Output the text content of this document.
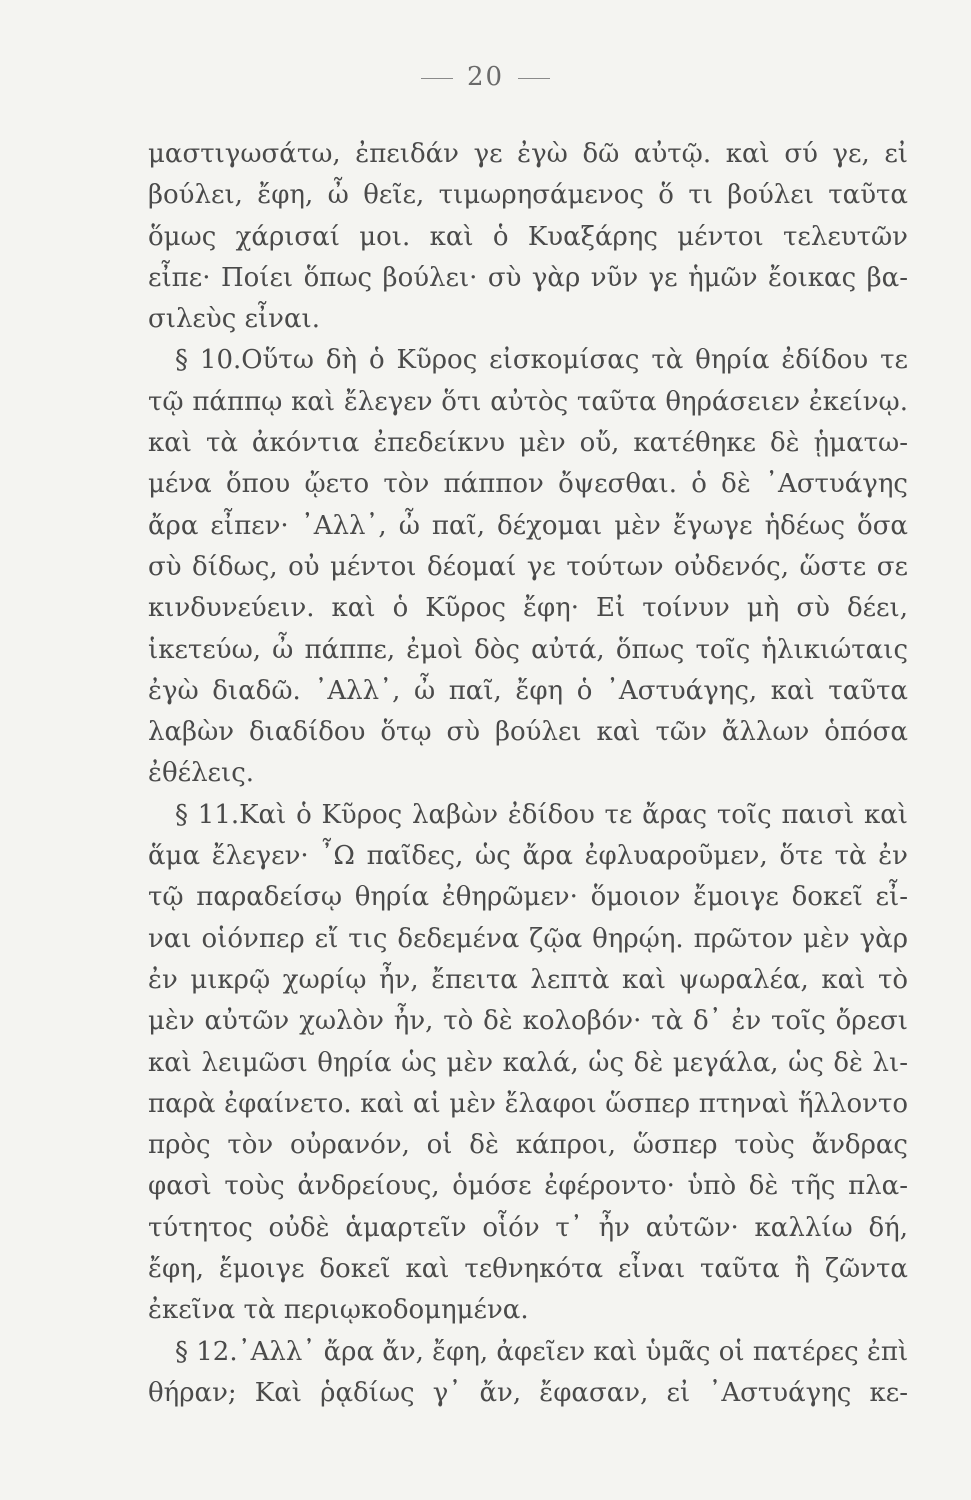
20
μαστιγωσάτω, ἐπειδάν γε ἐγὼ δῶ αὐτῷ. καὶ σύ γε, εἰ
βούλει, ἔφη, ὦ θεῖε, τιμωρησάμενος ὅ τι βούλει ταῦτα
ὅμως χάρισαί μοι. καὶ ὁ Κυαξάρης μέντοι τελευτῶν
εἶπε· Ποίει ὅπως βούλει· σὺ γὰρ νῦν γε ἡμῶν ἔοικας βα-
σιλεὺς εἶναι.
§ 10.Οὕτω δὴ ὁ Κῦρος εἰσκομίσας τὰ θηρία ἐδίδου τε
τῷ πάππῳ καὶ ἔλεγεν ὅτι αὐτὸς ταῦτα θηράσειεν ἐκείνῳ.
καὶ τὰ ἀκόντια ἐπεδείκνυ μὲν οὔ, κατέθηκε δὲ ᾑματω-
μένα ὅπου ᾤετο τὸν πάππον ὄψεσθαι. ὁ δὲ ᾿Αστυάγης
ἄρα εἶπεν· ᾿Αλλ᾿, ὦ παῖ, δέχομαι μὲν ἔγωγε ἡδέως ὅσα
σὺ δίδως, οὐ μέντοι δέομαί γε τούτων οὐδενός, ὥστε σε
κινδυνεύειν. καὶ ὁ Κῦρος ἔφη· Εἰ τοίνυν μὴ σὺ δέει,
ἱκετεύω, ὦ πάππε, ἐμοὶ δὸς αὐτά, ὅπως τοῖς ἡλικιώταις
ἐγὼ διαδῶ. ᾿Αλλ᾿, ὦ παῖ, ἔφη ὁ ᾿Αστυάγης, καὶ ταῦτα
λαβὼν διαδίδου ὅτῳ σὺ βούλει καὶ τῶν ἄλλων ὁπόσα
ἐθέλεις.
§ 11.Καὶ ὁ Κῦρος λαβὼν ἐδίδου τε ἄρας τοῖς παισὶ καὶ
ἅμα ἔλεγεν· ῏Ω παῖδες, ὡς ἄρα ἐφλυαροῦμεν, ὅτε τὰ ἐν
τῷ παραδείσῳ θηρία ἐθηρῶμεν· ὅμοιον ἔμοιγε δοκεῖ εἶ-
ναι οἱόνπερ εἴ τις δεδεμένα ζῷα θηρῴη. πρῶτον μὲν γὰρ
ἐν μικρῷ χωρίῳ ἦν, ἔπειτα λεπτὰ καὶ ψωραλέα, καὶ τὸ
μὲν αὐτῶν χωλὸν ἦν, τὸ δὲ κολοβόν· τὰ δ᾿ ἐν τοῖς ὄρεσι
καὶ λειμῶσι θηρία ὡς μὲν καλά, ὡς δὲ μεγάλα, ὡς δὲ λι-
παρὰ ἐφαίνετο. καὶ αἱ μὲν ἔλαφοι ὥσπερ πτηναὶ ἥλλοντο
πρὸς τὸν οὐρανόν, οἱ δὲ κάπροι, ὥσπερ τοὺς ἄνδρας
φασὶ τοὺς ἀνδρείους, ὁμόσε ἐφέροντο· ὑπὸ δὲ τῆς πλα-
τύτητος οὐδὲ ἁμαρτεῖν οἷόν τ᾿ ἦν αὐτῶν· καλλίω δή,
ἔφη, ἔμοιγε δοκεῖ καὶ τεθνηκότα εἶναι ταῦτα ἢ ζῶντα
ἐκεῖνα τὰ περιῳκοδομημένα.
§ 12.᾿Αλλ᾿ ἄρα ἄν, ἔφη, ἀφεῖεν καὶ ὑμᾶς οἱ πατέρες ἐπὶ
θήραν; Καὶ ῥᾳδίως γ᾿ ἄν, ἔφασαν, εἰ ᾿Αστυάγης κε-
